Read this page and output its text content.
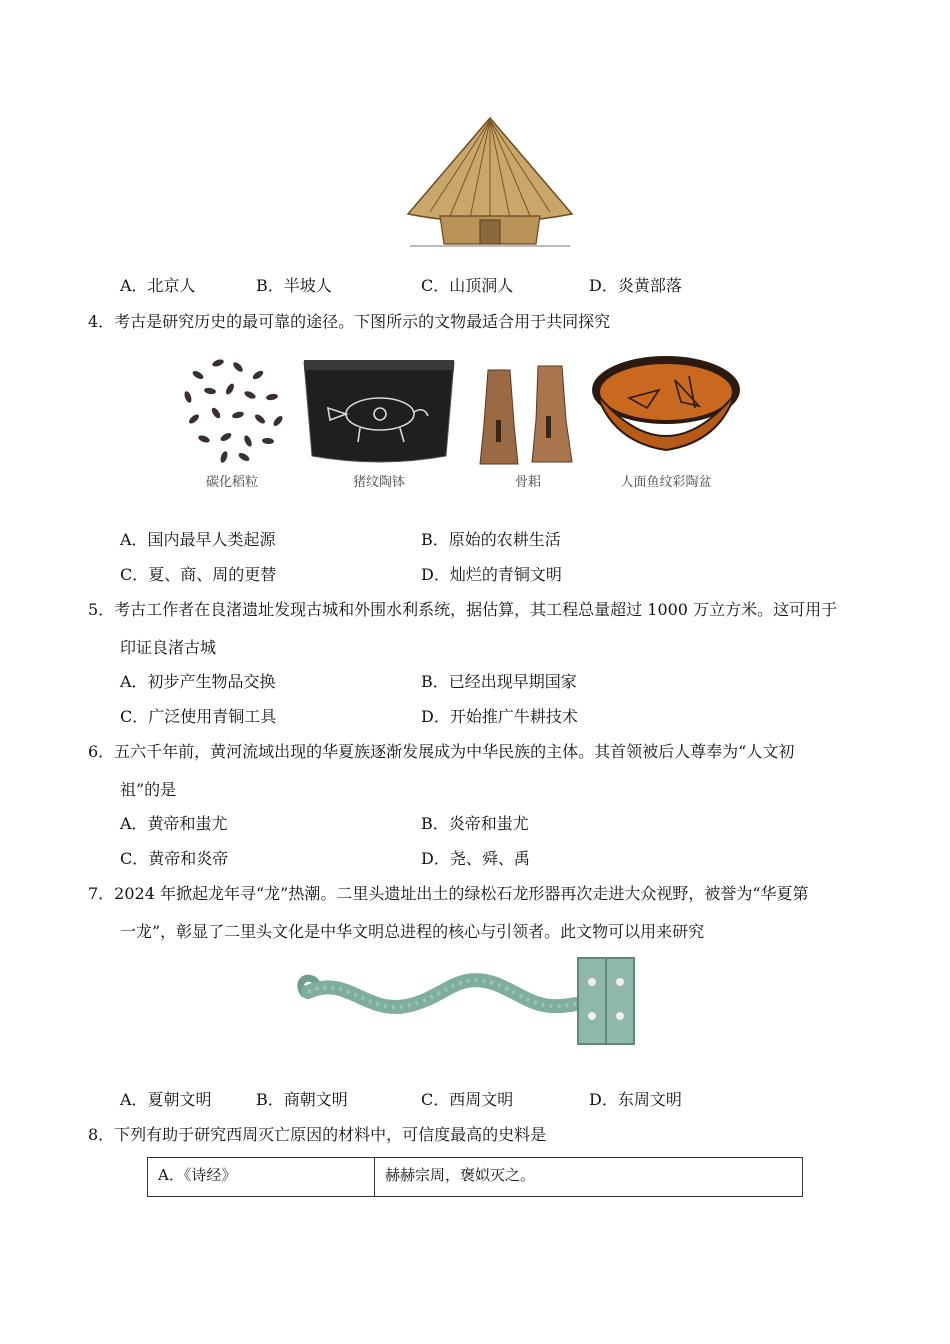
A．北京人	B．半坡人	C．山顶洞人	D．炎黄部落
4．考古是研究历史的最可靠的途径。下图所示的文物最适合用于共同探究
碳化稻粒	猪纹陶钵	骨耜	人面鱼纹彩陶盆
A．国内最早人类起源	B．原始的农耕生活
C．夏、商、周的更替	D．灿烂的青铜文明
5．考古工作者在良渚遗址发现古城和外围水利系统，据估算，其工程总量超过 1000 万立方米。这可用于
印证良渚古城
A．初步产生物品交换	B．已经出现早期国家
C．广泛使用青铜工具	D．开始推广牛耕技术
6．五六千年前，黄河流域出现的华夏族逐渐发展成为中华民族的主体。其首领被后人尊奉为“人文初
祖”的是
A．黄帝和蚩尤	B．炎帝和蚩尤
C．黄帝和炎帝	D．尧、舜、禹
7．2024 年掀起龙年寻“龙”热潮。二里头遗址出土的绿松石龙形器再次走进大众视野，被誉为“华夏第
一龙”，彰显了二里头文化是中华文明总进程的核心与引领者。此文物可以用来研究
A．夏朝文明	B．商朝文明	C．西周文明	D．东周文明
8．下列有助于研究西周灭亡原因的材料中，可信度最高的史料是
A．《诗经》	赫赫宗周，褒姒灭之。
